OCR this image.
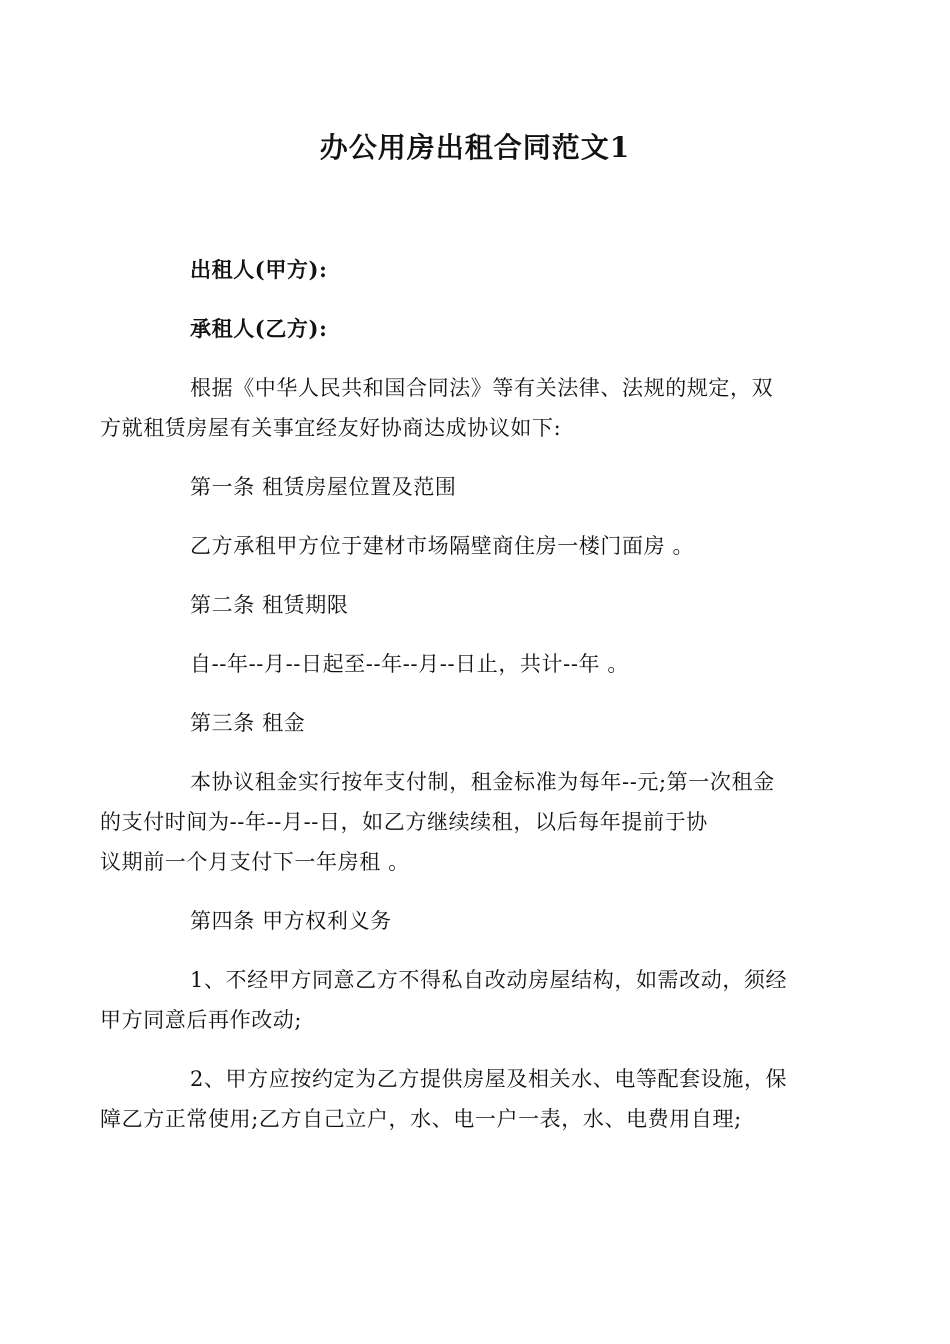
办公用房出租合同范文1

出租人(甲方):

承租人(乙方):

根据《中华人民共和国合同法》等有关法律、法规的规定，双
方就租赁房屋有关事宜经友好协商达成协议如下:

第一条 租赁房屋位置及范围

乙方承租甲方位于建材市场隔壁商住房一楼门面房 。

第二条 租赁期限

自--年--月--日起至--年--月--日止，共计--年 。

第三条 租金

本协议租金实行按年支付制，租金标准为每年--元;第一次租金
的支付时间为--年--月--日，如乙方继续续租，以后每年提前于协
议期前一个月支付下一年房租 。

第四条 甲方权利义务

1、不经甲方同意乙方不得私自改动房屋结构，如需改动，须经
甲方同意后再作改动;

2、甲方应按约定为乙方提供房屋及相关水、电等配套设施，保
障乙方正常使用;乙方自己立户，水、电一户一表，水、电费用自理;
